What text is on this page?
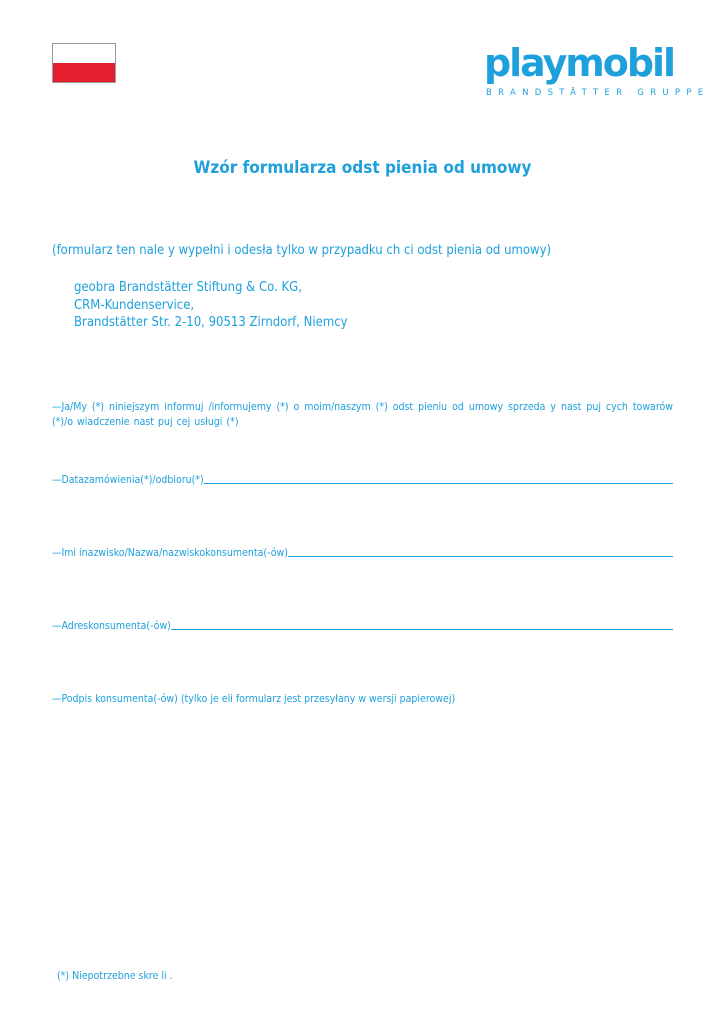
playmobil
BRANDSTÄTTER GRUPPE
Wzór formularza odst pienia od umowy
(formularz ten nale y wypełni i odesła tylko w przypadku ch ci odst pienia od umowy)
geobra Brandstätter Stiftung & Co. KG,
CRM-Kundenservice,
Brandstätter Str. 2-10, 90513 Zirndorf, Niemcy
—Ja/My (*) niniejszym informuj /informujemy (*) o moim/naszym (*) odst pieniu od umowy sprzeda y nast puj cych towarów (*)/o wiadczenie nast puj cej usługi (*)
—Datazamówienia(*)/odbioru(*)
—Imi inazwisko/Nazwa/nazwiskokonsumenta(-ów)
—Adreskonsumenta(-ów)
—Podpis konsumenta(-ów) (tylko je eli formularz jest przesyłany w wersji papierowej)
(*) Niepotrzebne skre li .
